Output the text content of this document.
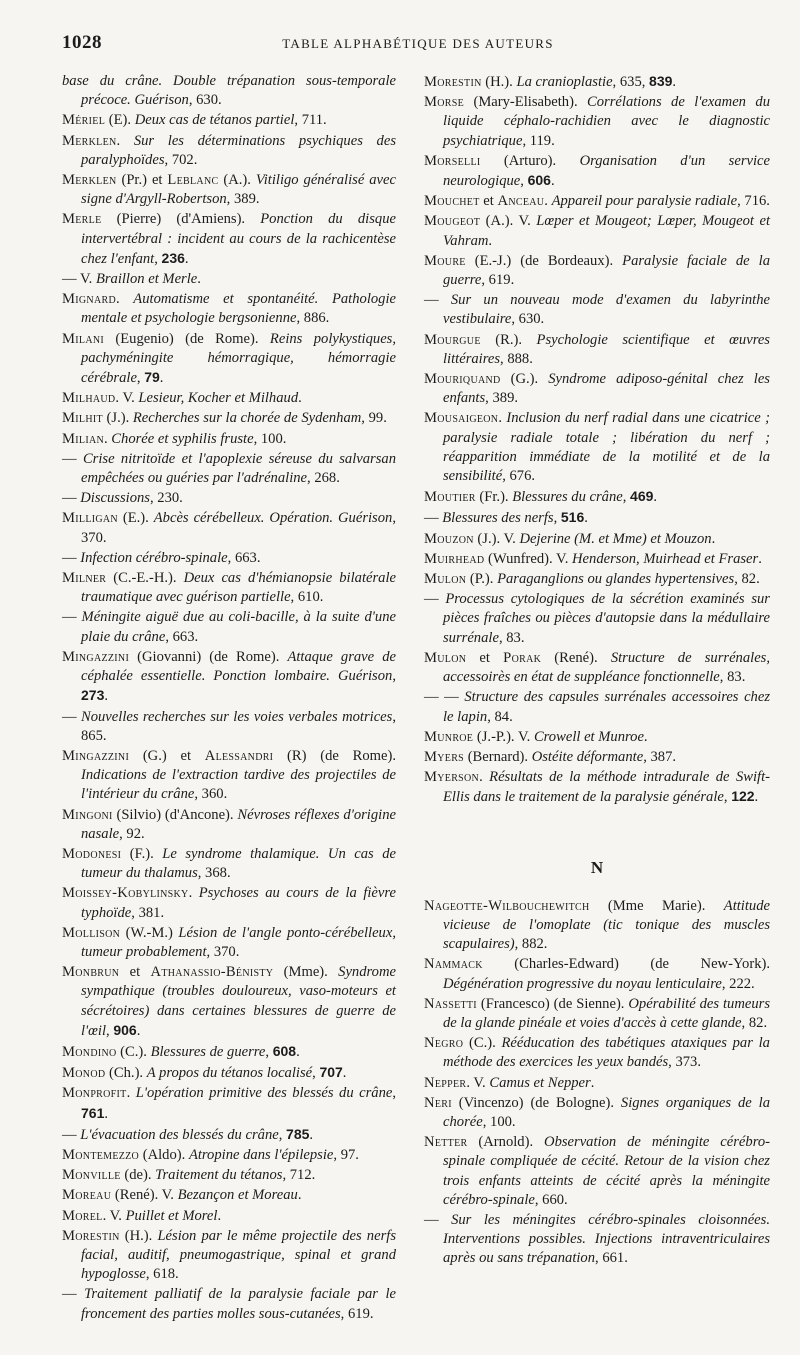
1028	TABLE ALPHABÉTIQUE DES AUTEURS
base du crâne. Double trépanation sous-temporale précoce. Guérison, 630.
Mériel (E). Deux cas de tétanos partiel, 711.
Merklen. Sur les déterminations psychiques des paralyphoïdes, 702.
Merklen (Pr.) et Leblanc (A.). Vitiligo généralisé avec signe d'Argyll-Robertson, 389.
Merle (Pierre) (d'Amiens). Ponction du disque intervertébral : incident au cours de la rachicentèse chez l'enfant, 236.
— V. Braillon et Merle.
Mignard. Automatisme et spontanéité. Pathologie mentale et psychologie bergsonienne, 886.
Milani (Eugenio) (de Rome). Reins polykystiques, pachyméningite hémorragique, hémorragie cérébrale, 79.
Milhaud. V. Lesieur, Kocher et Milhaud.
Milhit (J.). Recherches sur la chorée de Sydenham, 99.
Milian. Chorée et syphilis fruste, 100.
— Crise nitritoïde et l'apoplexie séreuse du salvarsan empêchées ou guéries par l'adrénaline, 268.
— Discussions, 230.
Milligan (E.). Abcès cérébelleux. Opération. Guérison, 370.
— Infection cérébro-spinale, 663.
Milner (C.-E.-H.). Deux cas d'hémianopsie bilatérale traumatique avec guérison partielle, 610.
— Méningite aiguë due au coli-bacille, à la suite d'une plaie du crâne, 663.
Mingazzini (Giovanni) (de Rome). Attaque grave de céphalée essentielle. Ponction lombaire. Guérison, 273.
— Nouvelles recherches sur les voies verbales motrices, 865.
Mingazzini (G.) et Alessandri (R) (de Rome). Indications de l'extraction tardive des projectiles de l'intérieur du crâne, 360.
Mingoni (Silvio) (d'Ancone). Névroses réflexes d'origine nasale, 92.
Modonesi (F.). Le syndrome thalamique. Un cas de tumeur du thalamus, 368.
Moissey-Kobylinsky. Psychoses au cours de la fièvre typhoïde, 381.
Mollison (W.-M.) Lésion de l'angle ponto-cérébelleux, tumeur probablement, 370.
Monbrun et Athanassio-Bénisty (Mme). Syndrome sympathique (troubles douloureux, vaso-moteurs et sécrétoires) dans certaines blessures de guerre de l'œil, 906.
Mondino (C.). Blessures de guerre, 608.
Monod (Ch.). A propos du tétanos localisé, 707.
Monprofit. L'opération primitive des blessés du crâne, 761.
— L'évacuation des blessés du crâne, 785.
Montemezzo (Aldo). Atropine dans l'épilepsie, 97.
Monville (de). Traitement du tétanos, 712.
Moreau (René). V. Bezançon et Moreau.
Morel. V. Puillet et Morel.
Morestin (H.). Lésion par le même projectile des nerfs facial, auditif, pneumogastrique, spinal et grand hypoglosse, 618.
— Traitement palliatif de la paralysie faciale par le froncement des parties molles sous-cutanées, 619.
Morestin (H.). La cranioplastie, 635, 839.
Morse (Mary-Elisabeth). Corrélations de l'examen du liquide céphalo-rachidien avec le diagnostic psychiatrique, 119.
Morselli (Arturo). Organisation d'un service neurologique, 606.
Mouchet et Anceau. Appareil pour paralysie radiale, 716.
Mougeot (A.). V. Lœper et Mougeot; Lœper, Mougeot et Vahram.
Moure (E.-J.) (de Bordeaux). Paralysie faciale de la guerre, 619.
— Sur un nouveau mode d'examen du labyrinthe vestibulaire, 630.
Mourgue (R.). Psychologie scientifique et œuvres littéraires, 888.
Mouriquand (G.). Syndrome adiposo-génital chez les enfants, 389.
Mousaigeon. Inclusion du nerf radial dans une cicatrice ; paralysie radiale totale ; libération du nerf ; réapparition immédiate de la motilité et de la sensibilité, 676.
Moutier (Fr.). Blessures du crâne, 469.
— Blessures des nerfs, 516.
Mouzon (J.). V. Dejerine (M. et Mme) et Mouzon.
Muirhead (Wunfred). V. Henderson, Muirhead et Fraser.
Mulon (P.). Paraganglions ou glandes hypertensives, 82.
— Processus cytologiques de la sécrétion examinés sur pièces fraîches ou pièces d'autopsie dans la médullaire surrénale, 83.
Mulon et Porak (René). Structure de surrénales, accessoirès en état de suppléance fonctionnelle, 83.
— — Structure des capsules surrénales accessoires chez le lapin, 84.
Munroe (J.-P.). V. Crowell et Munroe.
Myers (Bernard). Ostéite déformante, 387.
Myerson. Résultats de la méthode intradurale de Swift-Ellis dans le traitement de la paralysie générale, 122.
N
Nageotte-Wilbouchewitch (Mme Marie). Attitude vicieuse de l'omoplate (tic tonique des muscles scapulaires), 882.
Nammack (Charles-Edward) (de New-York). Dégénération progressive du noyau lenticulaire, 222.
Nassetti (Francesco) (de Sienne). Opérabilité des tumeurs de la glande pinéale et voies d'accès à cette glande, 82.
Negro (C.). Rééducation des tabétiques ataxiques par la méthode des exercices les yeux bandés, 373.
Nepper. V. Camus et Nepper.
Neri (Vincenzo) (de Bologne). Signes organiques de la chorée, 100.
Netter (Arnold). Observation de méningite cérébro-spinale compliquée de cécité. Retour de la vision chez trois enfants atteints de cécité après la méningite cérébro-spinale, 660.
— Sur les méningites cérébro-spinales cloisonnées. Interventions possibles. Injections intraventriculaires après ou sans trépanation, 661.
